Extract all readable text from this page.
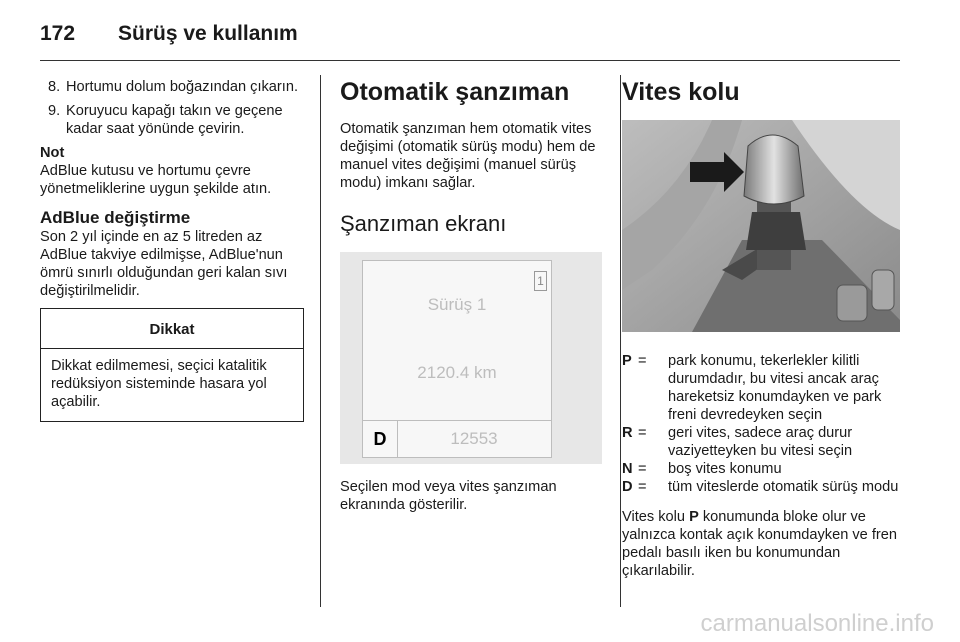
172 Sürüş ve kullanım
8. Hortumu dolum boğazından çıkarın.
9. Koruyucu kapağı takın ve geçene kadar saat yönünde çevirin.
Not
AdBlue kutusu ve hortumu çevre yönetmeliklerine uygun şekilde atın.
AdBlue değiştirme
Son 2 yıl içinde en az 5 litreden az AdBlue takviye edilmişse, AdBlue'nun ömrü sınırlı olduğundan geri kalan sıvı değiştirilmelidir.
Dikkat
Dikkat edilmemesi, seçici katalitik redüksiyon sisteminde hasara yol açabilir.
Otomatik şanzıman
Otomatik şanzıman hem otomatik vites değişimi (otomatik sürüş modu) hem de manuel vites değişimi (manuel sürüş modu) imkanı sağlar.
Şanzıman ekranı
1
Sürüş 1
2120.4 km
D	12553
Seçilen mod veya vites şanzıman ekranında gösterilir.
Vites kolu
P = park konumu, tekerlekler kilitli durumdadır, bu vitesi ancak araç hareketsiz konumdayken ve park freni devredeyken seçin
R = geri vites, sadece araç durur vaziyetteyken bu vitesi seçin
N = boş vites konumu
D = tüm viteslerde otomatik sürüş modu
Vites kolu P konumunda bloke olur ve yalnızca kontak açık konumdayken ve fren pedalı basılı iken bu konumundan çıkarılabilir.
carmanualsonline.info
